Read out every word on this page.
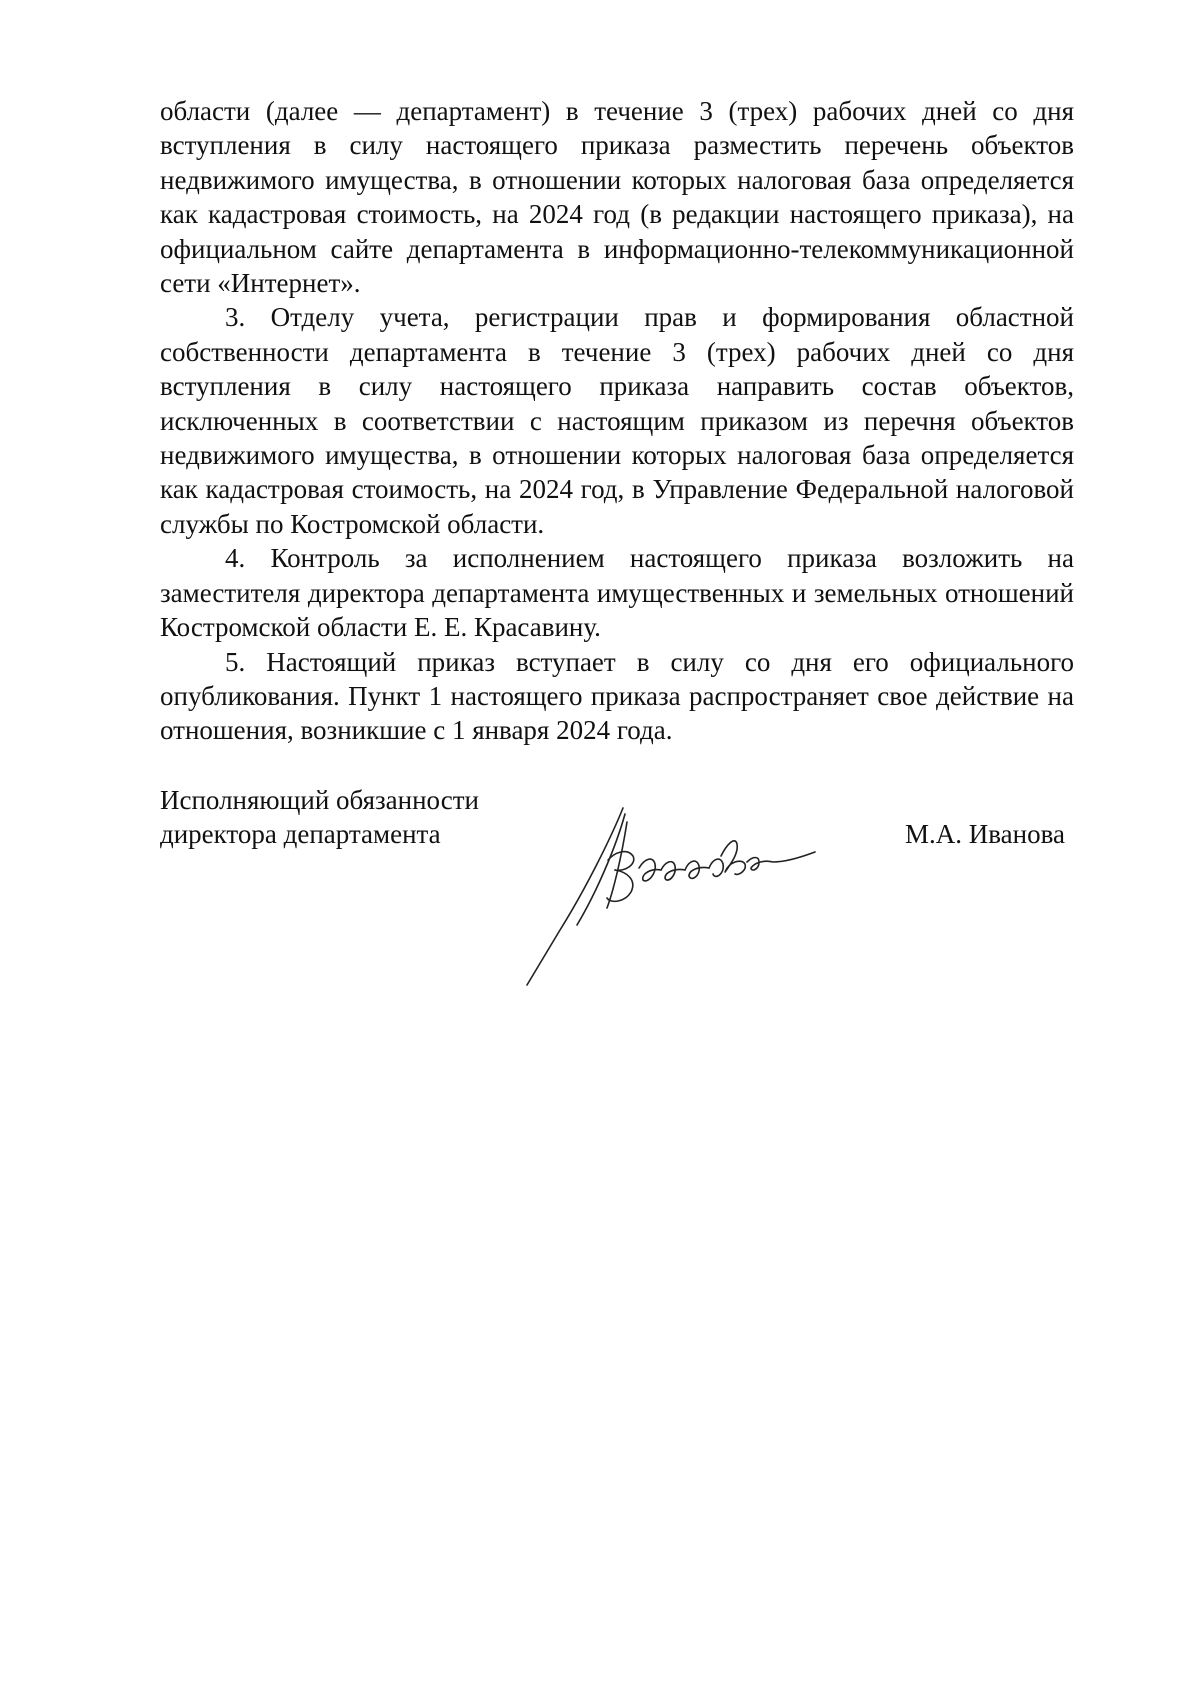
области (далее — департамент) в течение 3 (трех) рабочих дней со дня вступления в силу настоящего приказа разместить перечень объектов недвижимого имущества, в отношении которых налоговая база определяется как кадастровая стоимость, на 2024 год (в редакции настоящего приказа), на официальном сайте департамента в информационно-телекоммуникационной сети «Интернет».

3. Отделу учета, регистрации прав и формирования областной собственности департамента в течение 3 (трех) рабочих дней со дня вступления в силу настоящего приказа направить состав объектов, исключенных в соответствии с настоящим приказом из перечня объектов недвижимого имущества, в отношении которых налоговая база определяется как кадастровая стоимость, на 2024 год, в Управление Федеральной налоговой службы по Костромской области.

4. Контроль за исполнением настоящего приказа возложить на заместителя директора департамента имущественных и земельных отношений Костромской области Е. Е. Красавину.

5. Настоящий приказ вступает в силу со дня его официального опубликования. Пункт 1 настоящего приказа распространяет свое действие на отношения, возникшие с 1 января 2024 года.

Исполняющий обязанности
директора департамента	М.А. Иванова
